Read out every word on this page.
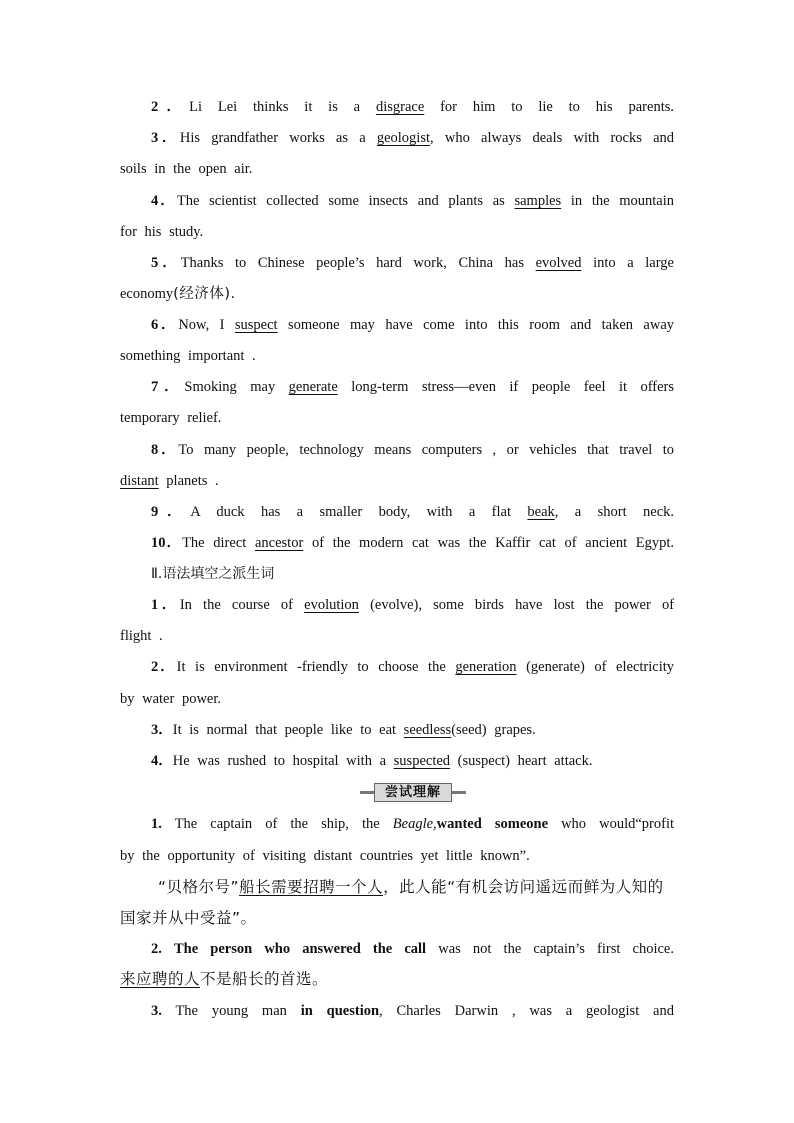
2．Li Lei thinks it is a disgrace for him to lie to his parents.
3．His grandfather works as a geologist, who always deals with rocks and
soils in the open air.
4．The scientist collected some insects and plants as samples in the mountain
for his study.
5．Thanks to Chinese people’s hard work, China has evolved into a large
economy(经济体).
6．Now, I suspect someone may have come into this room and taken away
something important .
7．Smoking may generate long-term stress—even if people feel it offers
temporary relief.
8．To many people, technology means computers , or vehicles that travel to
distant planets .
9．A duck has a smaller body, with a flat beak, a short neck.
10．The direct ancestor of the modern cat was the Kaffir cat of ancient Egypt.
Ⅱ.语法填空之派生词
1．In the course of evolution (evolve), some birds have lost the power of
flight .
2．It is environment -friendly to choose the generation (generate) of electricity
by water power.
3．It is normal that people like to eat seedless(seed) grapes.
4．He was rushed to hospital with a suspected (suspect) heart attack.
尝试理解
1. The captain of the ship, the Beagle,wanted someone who would“profit
by the opportunity of visiting distant countries yet little known”.
“贝格尔号”船长需要招聘一个人，此人能“有机会访问遥远而鲜为人知的
国家并从中受益”。
2. The person who answered the call was not the captain’s first choice.
来应聘的人不是船长的首选。
3. The young man in question, Charles Darwin , was a geologist and
